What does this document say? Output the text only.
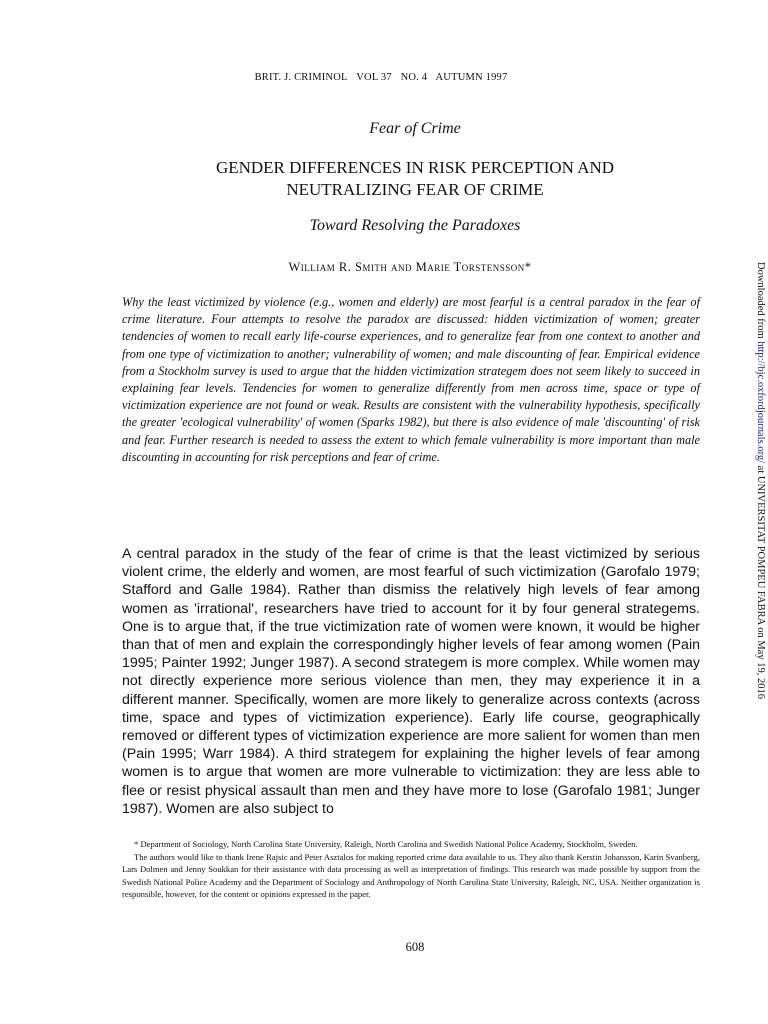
BRIT. J. CRIMINOL VOL 37 NO. 4 AUTUMN 1997
Fear of Crime
GENDER DIFFERENCES IN RISK PERCEPTION AND
NEUTRALIZING FEAR OF CRIME
Toward Resolving the Paradoxes
William R. Smith and Marie Torstensson*
Why the least victimized by violence (e.g., women and elderly) are most fearful is a central paradox in the fear of crime literature. Four attempts to resolve the paradox are discussed: hidden victimization of women; greater tendencies of women to recall early life-course experiences, and to generalize fear from one context to another and from one type of victimization to another; vulnerability of women; and male discounting of fear. Empirical evidence from a Stockholm survey is used to argue that the hidden victimization strategem does not seem likely to succeed in explaining fear levels. Tendencies for women to generalize differently from men across time, space or type of victimization experience are not found or weak. Results are consistent with the vulnerability hypothesis, specifically the greater 'ecological vulnerability' of women (Sparks 1982), but there is also evidence of male 'discounting' of risk and fear. Further research is needed to assess the extent to which female vulnerability is more important than male discounting in accounting for risk perceptions and fear of crime.
A central paradox in the study of the fear of crime is that the least victimized by serious violent crime, the elderly and women, are most fearful of such victimization (Garofalo 1979; Stafford and Galle 1984). Rather than dismiss the relatively high levels of fear among women as 'irrational', researchers have tried to account for it by four general strategems. One is to argue that, if the true victimization rate of women were known, it would be higher than that of men and explain the correspondingly higher levels of fear among women (Pain 1995; Painter 1992; Junger 1987). A second strategem is more complex. While women may not directly experience more serious violence than men, they may experience it in a different manner. Specifically, women are more likely to generalize across contexts (across time, space and types of victimization experience). Early life course, geographically removed or different types of victimization experience are more salient for women than men (Pain 1995; Warr 1984). A third strategem for explaining the higher levels of fear among women is to argue that women are more vulnerable to victimization: they are less able to flee or resist physical assault than men and they have more to lose (Garofalo 1981; Junger 1987). Women are also subject to

* Department of Sociology, North Carolina State University, Raleigh, North Carolina and Swedish National Police Academy, Stockholm, Sweden.

The authors would like to thank Irene Rajsic and Peter Asztalos for making reported crime data available to us. They also thank Kerstin Johansson, Karin Svanberg, Lars Dolmen and Jenny Soukkan for their assistance with data processing as well as interpretation of findings. This research was made possible by support from the Swedish National Police Academy and the Department of Sociology and Anthropology of North Carolina State University, Raleigh, NC, USA. Neither organization is responsible, however, for the content or opinions expressed in the paper.

608
Downloaded from http://bjc.oxfordjournals.org/ at UNIVERSITAT POMPEU FABRA on May 19, 2016
